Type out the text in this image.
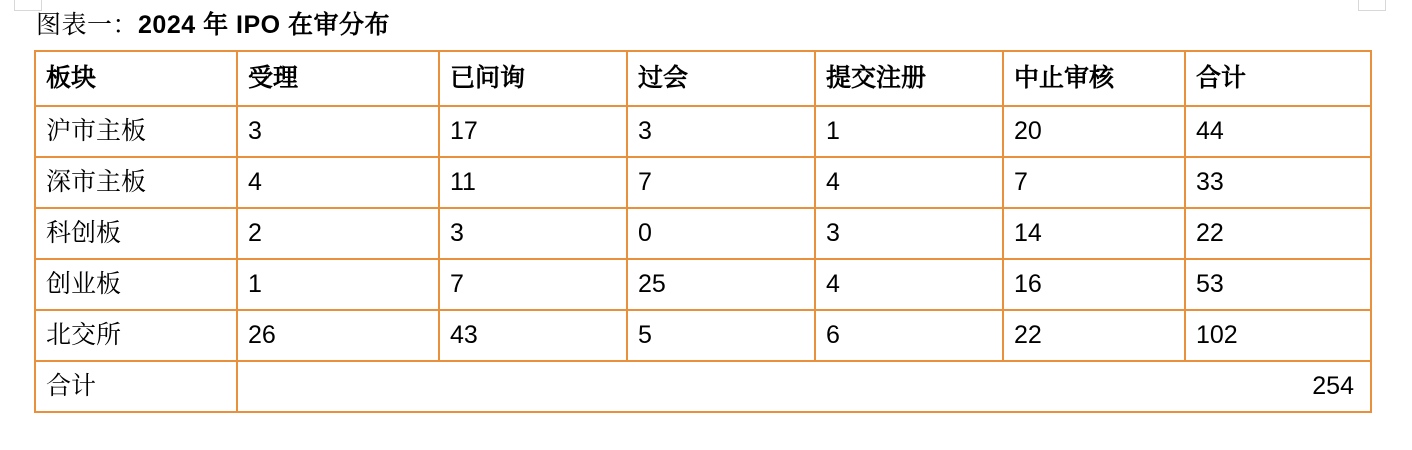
图表一：2024 年 IPO 在审分布
板块	受理	已问询	过会	提交注册	中止审核	合计
沪市主板	3	17	3	1	20	44
深市主板	4	11	7	4	7	33
科创板	2	3	0	3	14	22
创业板	1	7	25	4	16	53
北交所	26	43	5	6	22	102
合计	254					
